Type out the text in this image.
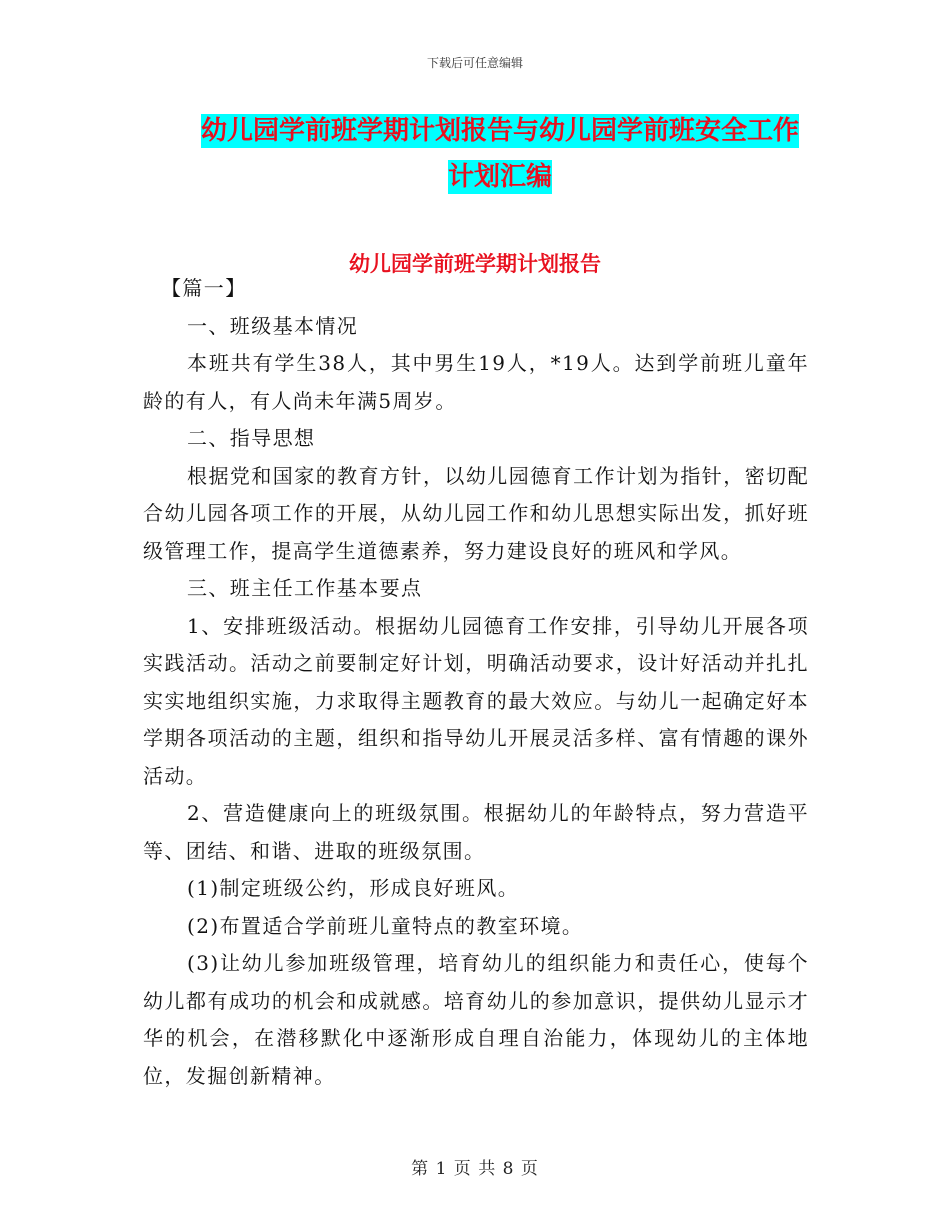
下载后可任意编辑
幼儿园学前班学期计划报告与幼儿园学前班安全工作
计划汇编
幼儿园学前班学期计划报告

【篇一】

一、班级基本情况

本班共有学生38人，其中男生19人，*19人。达到学前班儿童年龄的有人，有人尚未年满5周岁。

二、指导思想

根据党和国家的教育方针，以幼儿园德育工作计划为指针，密切配合幼儿园各项工作的开展，从幼儿园工作和幼儿思想实际出发，抓好班级管理工作，提高学生道德素养，努力建设良好的班风和学风。

三、班主任工作基本要点

1、安排班级活动。根据幼儿园德育工作安排，引导幼儿开展各项实践活动。活动之前要制定好计划，明确活动要求，设计好活动并扎扎实实地组织实施，力求取得主题教育的最大效应。与幼儿一起确定好本学期各项活动的主题，组织和指导幼儿开展灵活多样、富有情趣的课外活动。

2、营造健康向上的班级氛围。根据幼儿的年龄特点，努力营造平等、团结、和谐、进取的班级氛围。

(1)制定班级公约，形成良好班风。

(2)布置适合学前班儿童特点的教室环境。

(3)让幼儿参加班级管理，培育幼儿的组织能力和责任心，使每个幼儿都有成功的机会和成就感。培育幼儿的参加意识，提供幼儿显示才华的机会，在潜移默化中逐渐形成自理自治能力，体现幼儿的主体地位，发掘创新精神。

第 1 页 共 8 页
